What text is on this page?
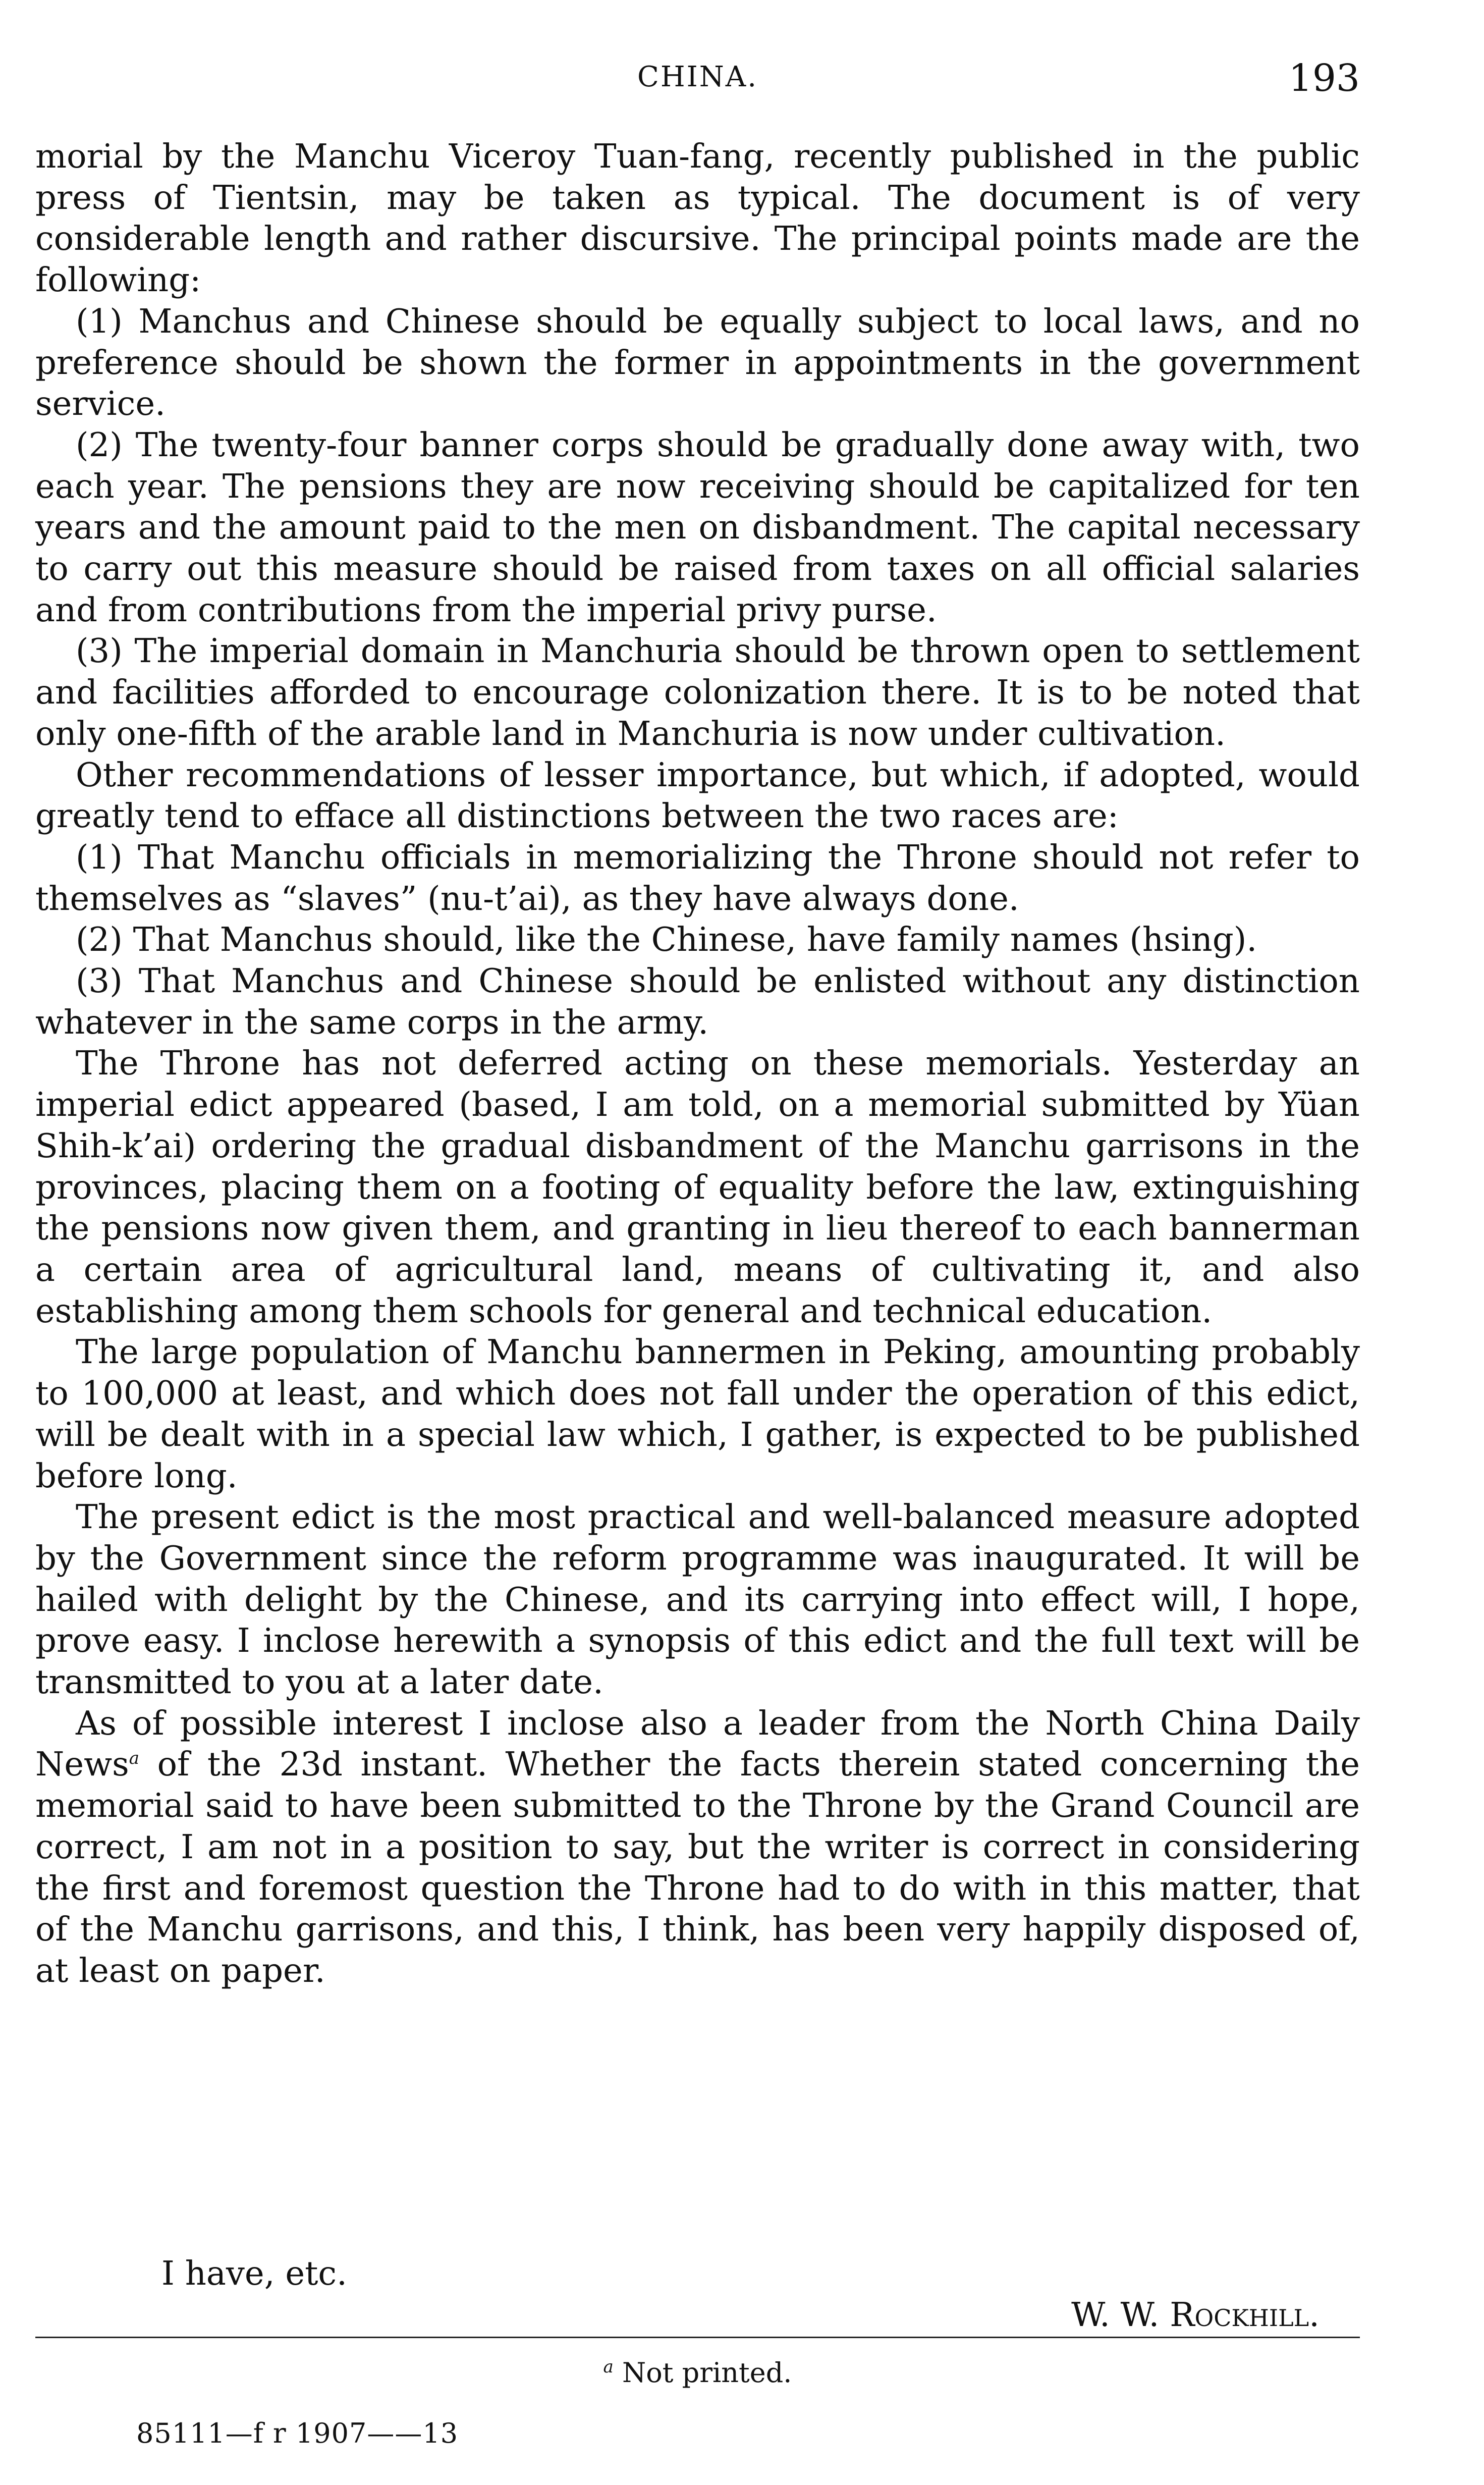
CHINA.	193

morial by the Manchu Viceroy Tuan-fang, recently published in the public press of Tientsin, may be taken as typical. The document is of very considerable length and rather discursive. The principal points made are the following:

(1) Manchus and Chinese should be equally subject to local laws, and no preference should be shown the former in appointments in the government service.

(2) The twenty-four banner corps should be gradually done away with, two each year. The pensions they are now receiving should be capitalized for ten years and the amount paid to the men on disbandment. The capital necessary to carry out this measure should be raised from taxes on all official salaries and from contributions from the imperial privy purse.

(3) The imperial domain in Manchuria should be thrown open to settlement and facilities afforded to encourage colonization there. It is to be noted that only one-fifth of the arable land in Manchuria is now under cultivation.

Other recommendations of lesser importance, but which, if adopted, would greatly tend to efface all distinctions between the two races are:

(1) That Manchu officials in memorializing the Throne should not refer to themselves as “slaves” (nu-t’ai), as they have always done.

(2) That Manchus should, like the Chinese, have family names (hsing).

(3) That Manchus and Chinese should be enlisted without any distinction whatever in the same corps in the army.

The Throne has not deferred acting on these memorials. Yesterday an imperial edict appeared (based, I am told, on a memorial submitted by Yüan Shih-k’ai) ordering the gradual disbandment of the Manchu garrisons in the provinces, placing them on a footing of equality before the law, extinguishing the pensions now given them, and granting in lieu thereof to each bannerman a certain area of agricultural land, means of cultivating it, and also establishing among them schools for general and technical education.

The large population of Manchu bannermen in Peking, amounting probably to 100,000 at least, and which does not fall under the operation of this edict, will be dealt with in a special law which, I gather, is expected to be published before long.

The present edict is the most practical and well-balanced measure adopted by the Government since the reform programme was inaugurated. It will be hailed with delight by the Chinese, and its carrying into effect will, I hope, prove easy. I inclose herewith a synopsis of this edict and the full text will be transmitted to you at a later date.

As of possible interest I inclose also a leader from the North China Daily News$^a$ of the 23d instant. Whether the facts therein stated concerning the memorial said to have been submitted to the Throne by the Grand Council are correct, I am not in a position to say, but the writer is correct in considering the first and foremost question the Throne had to do with in this matter, that of the Manchu garrisons, and this, I think, has been very happily disposed of, at least on paper.

I have, etc.
W. W. Rockhill.
$^a$ Not printed.
85111—f r 1907——13
